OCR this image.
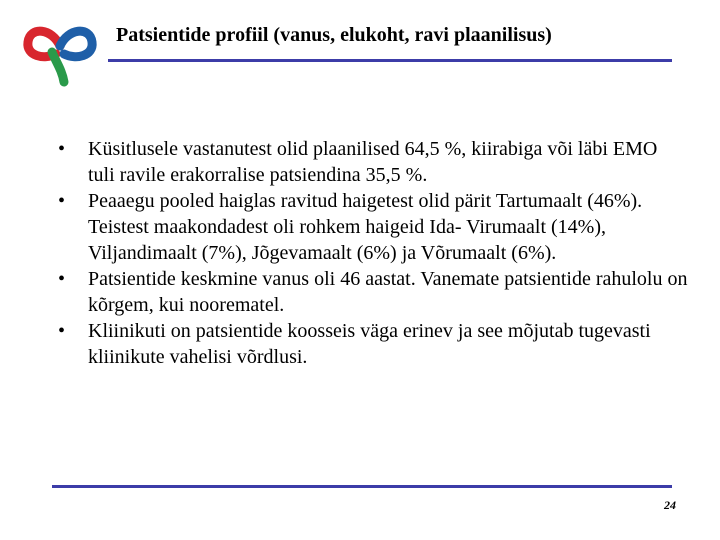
Patsientide profiil (vanus, elukoht, ravi plaanilisus)
•	Küsitlusele vastanutest olid plaanilised 64,5 %, kiirabiga või läbi EMO tuli ravile erakorralise patsiendina 35,5 %.
•	Peaaegu pooled haiglas ravitud haigetest olid pärit Tartumaalt (46%). Teistest maakondadest oli rohkem haigeid Ida- Virumaalt (14%), Viljandimaalt (7%), Jõgevamaalt (6%) ja Võrumaalt (6%).
•	Patsientide keskmine vanus oli 46 aastat. Vanemate patsientide rahulolu on kõrgem, kui noorematel.
•	Kliinikuti on patsientide koosseis väga erinev ja see mõjutab tugevasti kliinikute vahelisi võrdlusi.
24
